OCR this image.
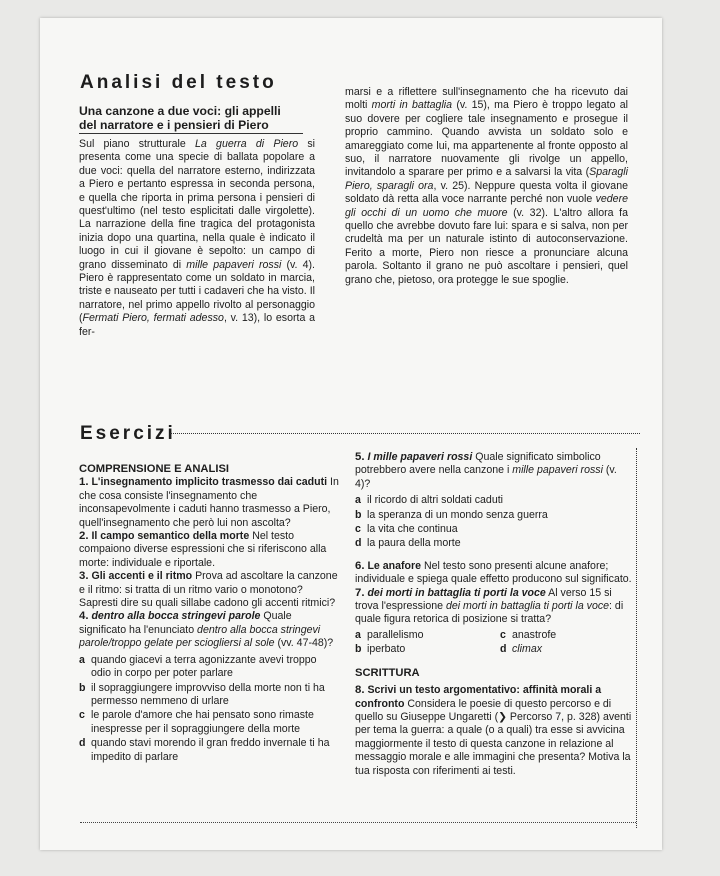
Analisi del testo

Una canzone a due voci: gli appelli

del narratore e i pensieri di Piero

Sul piano strutturale La guerra di Piero si presenta come una specie di ballata popolare a due voci: quella del narratore esterno, indirizzata a Piero e pertanto espressa in seconda persona, e quella che riporta in prima persona i pensieri di quest'ultimo (nel testo esplicitati dalle virgolette). La narrazione della fine tragica del protagonista inizia dopo una quartina, nella quale è indicato il luogo in cui il giovane è sepolto: un campo di grano disseminato di mille papaveri rossi (v. 4). Piero è rappresentato come un soldato in marcia, triste e nauseato per tutti i cadaveri che ha visto. Il narratore, nel primo appello rivolto al personaggio (Fermati Piero, fermati adesso, v. 13), lo esorta a fer-

marsi e a riflettere sull'insegnamento che ha ricevuto dai molti morti in battaglia (v. 15), ma Piero è troppo legato al suo dovere per cogliere tale insegnamento e prosegue il proprio cammino. Quando avvista un soldato solo e amareggiato come lui, ma appartenente al fronte opposto al suo, il narratore nuovamente gli rivolge un appello, invitandolo a sparare per primo e a salvarsi la vita (Sparagli Piero, sparagli ora, v. 25). Neppure questa volta il giovane soldato dà retta alla voce narrante perché non vuole vedere gli occhi di un uomo che muore (v. 32). L'altro allora fa quello che avrebbe dovuto fare lui: spara e si salva, non per crudeltà ma per un naturale istinto di autoconservazione. Ferito a morte, Piero non riesce a pronunciare alcuna parola. Soltanto il grano ne può ascoltare i pensieri, quel grano che, pietoso, ora protegge le sue spoglie.

Esercizi

COMPRENSIONE E ANALISI

1. L'insegnamento implicito trasmesso dai caduti In che cosa consiste l'insegnamento che inconsapevolmente i caduti hanno trasmesso a Piero, quell'insegnamento che però lui non ascolta?

2. Il campo semantico della morte Nel testo compaiono diverse espressioni che si riferiscono alla morte: individuale e riportale.

3. Gli accenti e il ritmo Prova ad ascoltare la canzone e il ritmo: si tratta di un ritmo vario o monotono? Sapresti dire su quali sillabe cadono gli accenti ritmici?

4. dentro alla bocca stringevi parole Quale significato ha l'enunciato dentro alla bocca stringevi parole/troppo gelate per sciogliersi al sole (vv. 47-48)?

a quando giacevi a terra agonizzante avevi troppo odio in corpo per poter parlare
b il sopraggiungere improvviso della morte non ti ha permesso nemmeno di urlare
c le parole d'amore che hai pensato sono rimaste inespresse per il sopraggiungere della morte
d quando stavi morendo il gran freddo invernale ti ha impedito di parlare

5. I mille papaveri rossi Quale significato simbolico potrebbero avere nella canzone i mille papaveri rossi (v. 4)?

a il ricordo di altri soldati caduti
b la speranza di un mondo senza guerra
c la vita che continua
d la paura della morte

6. Le anafore Nel testo sono presenti alcune anafore; individuale e spiega quale effetto producono sul significato.

7. dei morti in battaglia ti porti la voce Al verso 15 si trova l'espressione dei morti in battaglia ti porti la voce: di quale figura retorica di posizione si tratta?

a parallelismo	c anastrofe
b iperbato	d climax

SCRITTURA

8. Scrivi un testo argomentativo: affinità morali a confronto Considera le poesie di questo percorso e di quello su Giuseppe Ungaretti (❯ Percorso 7, p. 328) aventi per tema la guerra: a quale (o a quali) tra esse si avvicina maggiormente il testo di questa canzone in relazione al messaggio morale e alle immagini che presenta? Motiva la tua risposta con riferimenti ai testi.
